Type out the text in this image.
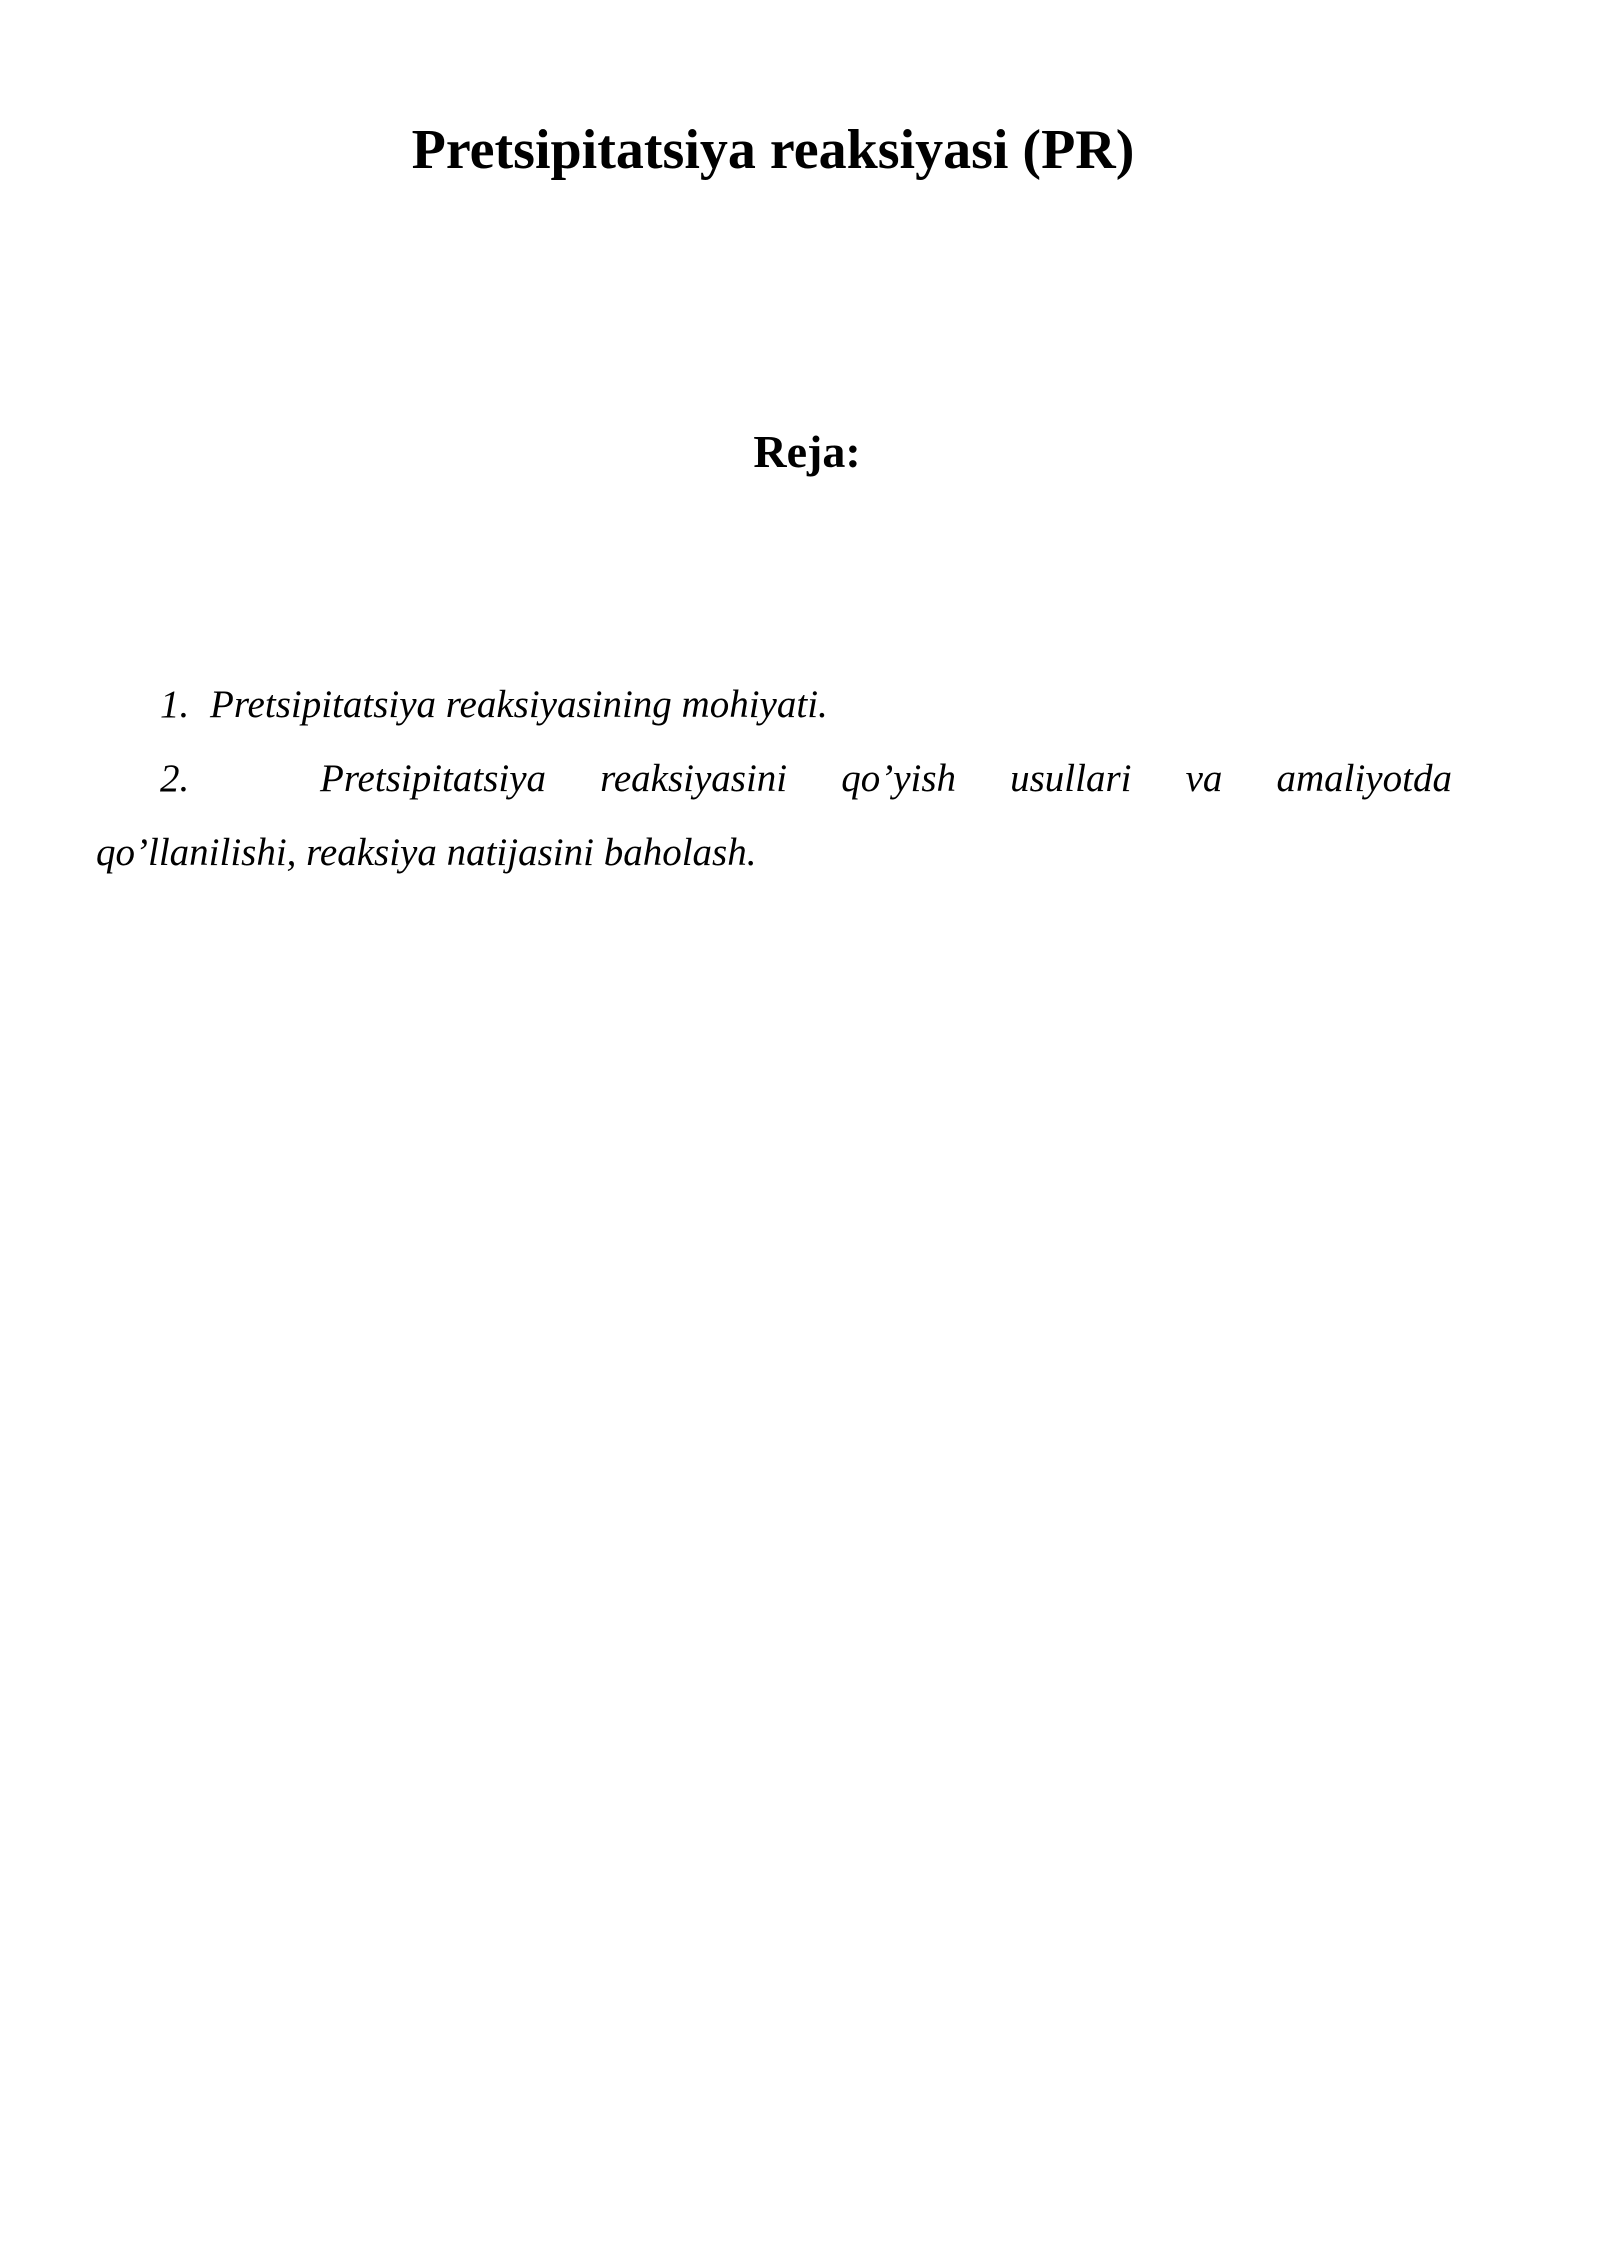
Pretsipitatsiya reaksiyasi (PR)
Reja:
1. Pretsipitatsiya reaksiyasining mohiyati.
2.	Pretsipitatsiya reaksiyasini qo’yish usullari va amaliyotda
qo’llanilishi, reaksiya natijasini baholash.
